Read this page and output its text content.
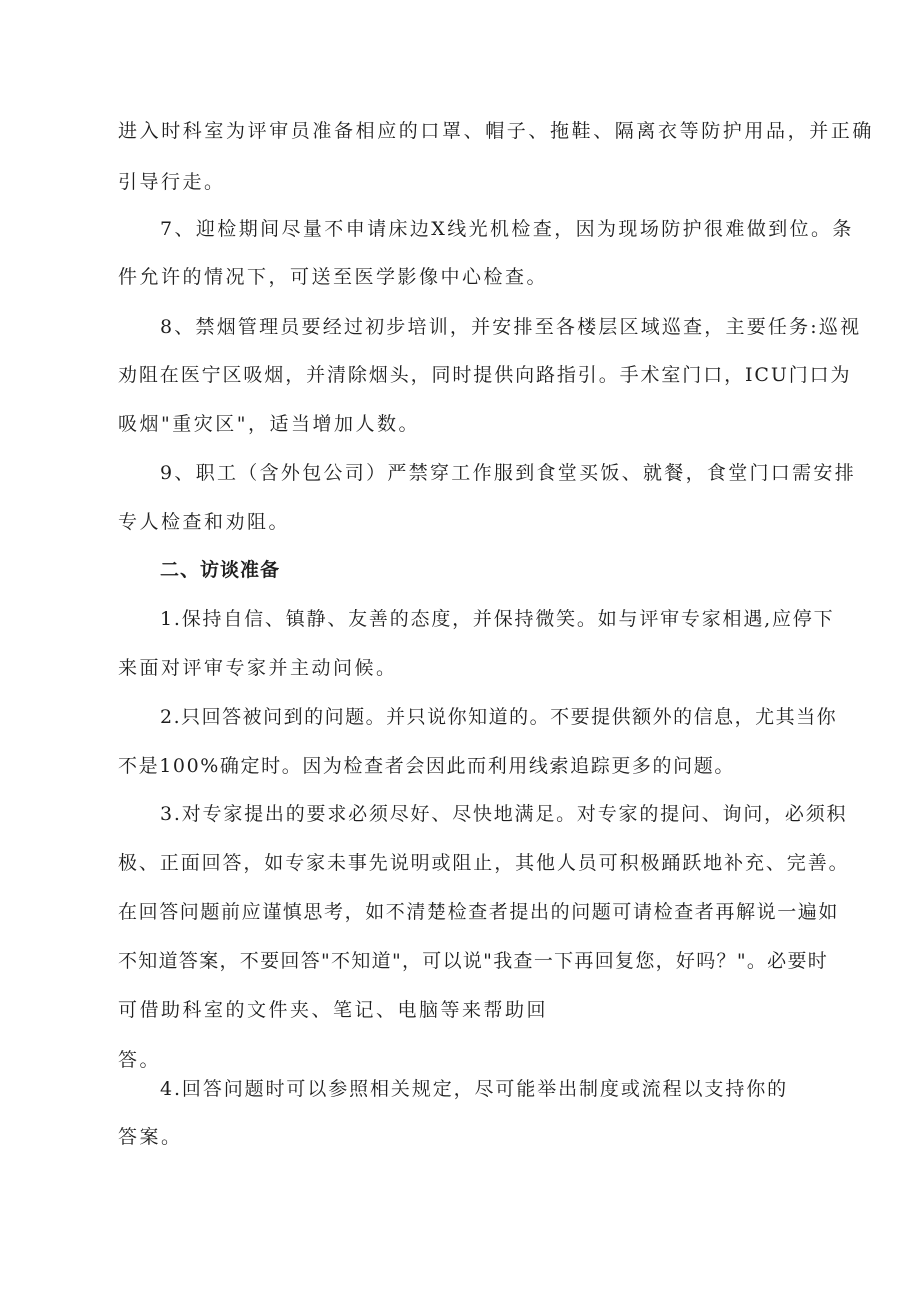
进入时科室为评审员准备相应的口罩、帽子、拖鞋、隔离衣等防护用品，并正确
引导行走。
7、迎检期间尽量不申请床边X线光机检查，因为现场防护很难做到位。条
件允许的情况下，可送至医学影像中心检查。
8、禁烟管理员要经过初步培训，并安排至各楼层区域巡查，主要任务:巡视
劝阻在医宁区吸烟，并清除烟头，同时提供向路指引。手术室门口，ICU门口为
吸烟"重灾区"，适当增加人数。
9、职工（含外包公司）严禁穿工作服到食堂买饭、就餐，食堂门口需安排
专人检查和劝阻。
二、访谈准备
1.保持自信、镇静、友善的态度，并保持微笑。如与评审专家相遇,应停下
来面对评审专家并主动问候。
2.只回答被问到的问题。并只说你知道的。不要提供额外的信息，尤其当你
不是100%确定时。因为检查者会因此而利用线索追踪更多的问题。
3.对专家提出的要求必须尽好、尽快地满足。对专家的提问、询问，必须积
极、正面回答，如专家未事先说明或阻止，其他人员可积极踊跃地补充、完善。
在回答问题前应谨慎思考，如不清楚检查者提出的问题可请检查者再解说一遍如
不知道答案，不要回答"不知道"，可以说"我查一下再回复您，好吗？"。必要时
可借助科室的文件夹、笔记、电脑等来帮助回
答。
4.回答问题时可以参照相关规定，尽可能举出制度或流程以支持你的
答案。
